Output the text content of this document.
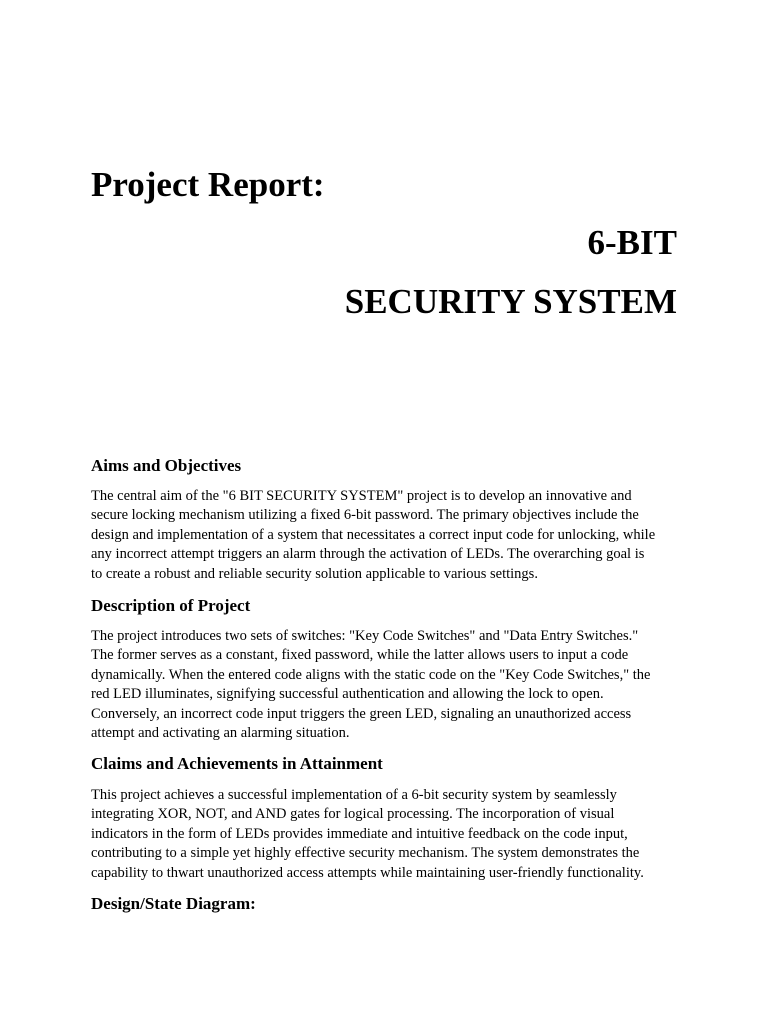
Project Report:
6-BIT
SECURITY SYSTEM
Aims and Objectives

The central aim of the "6 BIT SECURITY SYSTEM" project is to develop an innovative and
secure locking mechanism utilizing a fixed 6-bit password. The primary objectives include the
design and implementation of a system that necessitates a correct input code for unlocking, while
any incorrect attempt triggers an alarm through the activation of LEDs. The overarching goal is
to create a robust and reliable security solution applicable to various settings.

Description of Project

The project introduces two sets of switches: "Key Code Switches" and "Data Entry Switches."
The former serves as a constant, fixed password, while the latter allows users to input a code
dynamically. When the entered code aligns with the static code on the "Key Code Switches," the
red LED illuminates, signifying successful authentication and allowing the lock to open.
Conversely, an incorrect code input triggers the green LED, signaling an unauthorized access
attempt and activating an alarming situation.

Claims and Achievements in Attainment

This project achieves a successful implementation of a 6-bit security system by seamlessly
integrating XOR, NOT, and AND gates for logical processing. The incorporation of visual
indicators in the form of LEDs provides immediate and intuitive feedback on the code input,
contributing to a simple yet highly effective security mechanism. The system demonstrates the
capability to thwart unauthorized access attempts while maintaining user-friendly functionality.

Design/State Diagram:
